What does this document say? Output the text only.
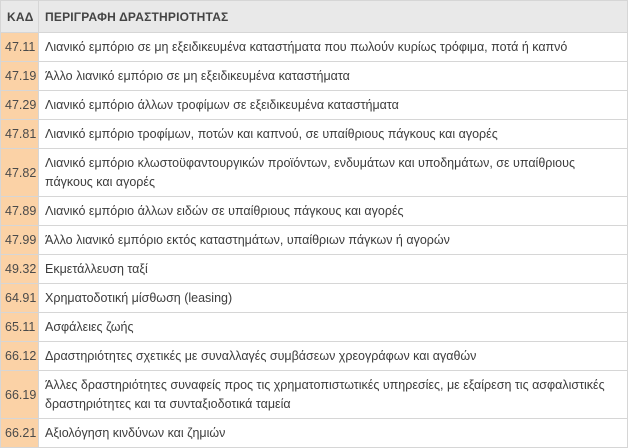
ΚΑΔ	ΠΕΡΙΓΡΑΦΗ ΔΡΑΣΤΗΡΙΟΤΗΤΑΣ
47.11	Λιανικό εμπόριο σε μη εξειδικευμένα καταστήματα που πωλούν κυρίως τρόφιμα, ποτά ή καπνό
47.19	Άλλο λιανικό εμπόριο σε μη εξειδικευμένα καταστήματα
47.29	Λιανικό εμπόριο άλλων τροφίμων σε εξειδικευμένα καταστήματα
47.81	Λιανικό εμπόριο τροφίμων, ποτών και καπνού, σε υπαίθριους πάγκους και αγορές
47.82	Λιανικό εμπόριο κλωστοϋφαντουργικών προϊόντων, ενδυμάτων και υποδημάτων, σε υπαίθριους πάγκους και αγορές
47.89	Λιανικό εμπόριο άλλων ειδών σε υπαίθριους πάγκους και αγορές
47.99	Άλλο λιανικό εμπόριο εκτός καταστημάτων, υπαίθριων πάγκων ή αγορών
49.32	Εκμετάλλευση ταξί
64.91	Χρηματοδοτική μίσθωση (leasing)
65.11	Ασφάλειες ζωής
66.12	Δραστηριότητες σχετικές με συναλλαγές συμβάσεων χρεογράφων και αγαθών
66.19	Άλλες δραστηριότητες συναφείς προς τις χρηματοπιστωτικές υπηρεσίες, με εξαίρεση τις ασφαλιστικές δραστηριότητες και τα συνταξιοδοτικά ταμεία
66.21	Αξιολόγηση κινδύνων και ζημιών
